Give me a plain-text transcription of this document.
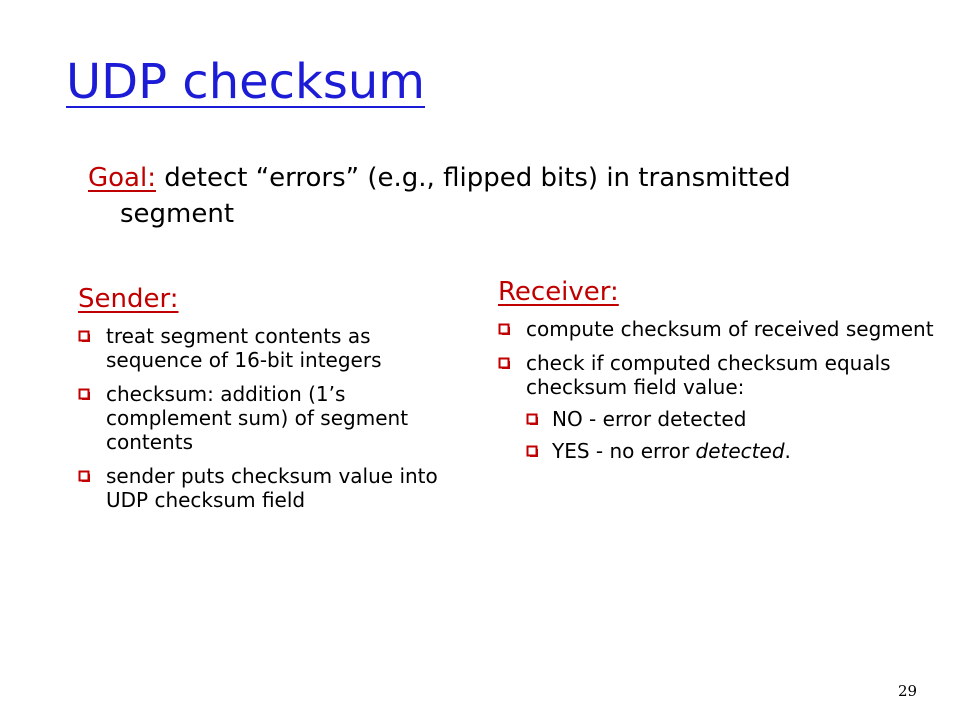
UDP checksum
Goal: detect “errors” (e.g., flipped bits) in transmitted
segment
Sender:
treat segment contents as sequence of 16-bit integers
checksum: addition (1’s complement sum) of segment contents
sender puts checksum value into UDP checksum field
Receiver:
compute checksum of received segment
check if computed checksum equals checksum field value:
NO - error detected
YES - no error detected.
29
